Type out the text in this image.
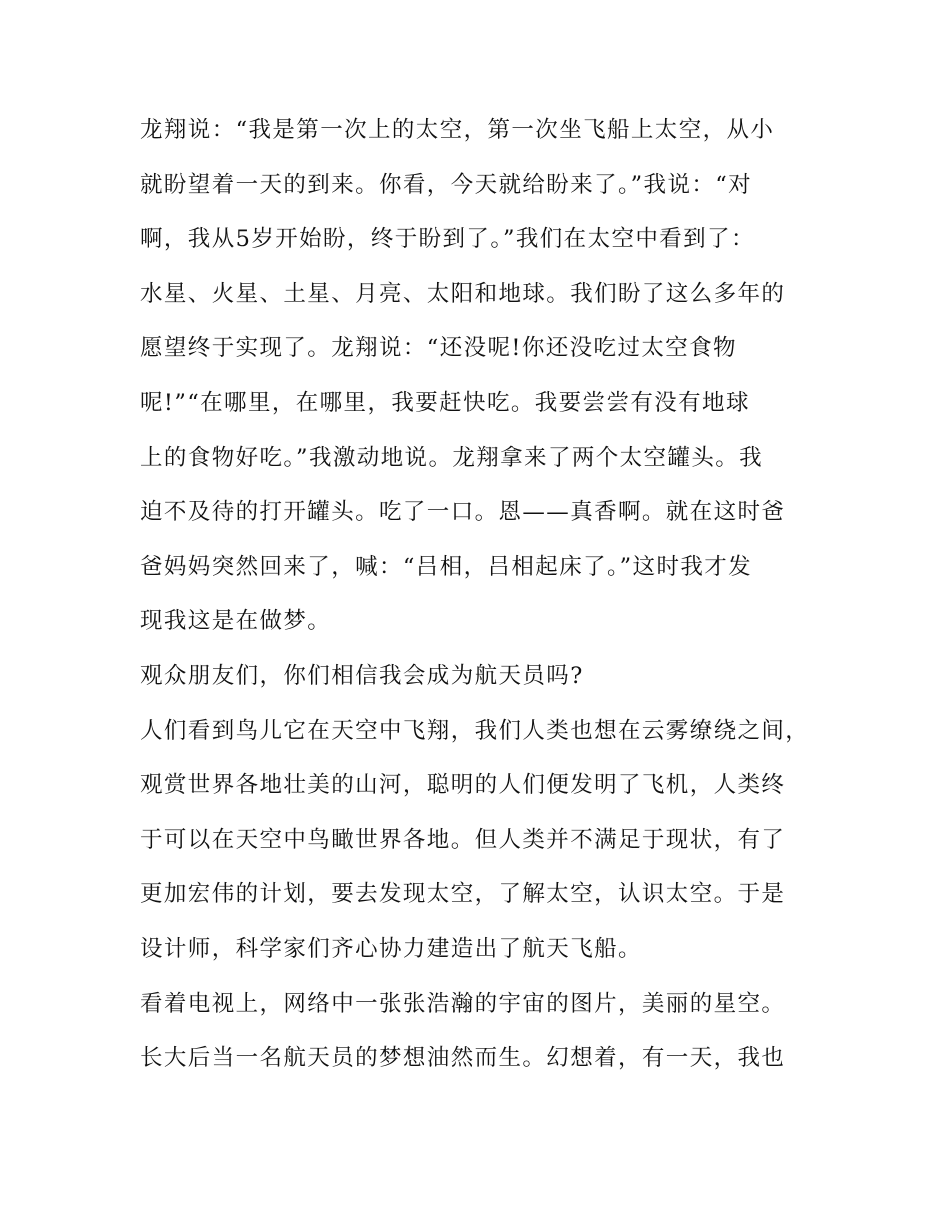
龙翔说：“我是第一次上的太空，第一次坐飞船上太空，从小
就盼望着一天的到来。你看，今天就给盼来了。”我说：“对
啊，我从5岁开始盼，终于盼到了。”我们在太空中看到了：
水星、火星、土星、月亮、太阳和地球。我们盼了这么多年的
愿望终于实现了。龙翔说：“还没呢!你还没吃过太空食物
呢!”“在哪里，在哪里，我要赶快吃。我要尝尝有没有地球
上的食物好吃。”我激动地说。龙翔拿来了两个太空罐头。我
迫不及待的打开罐头。吃了一口。恩——真香啊。就在这时爸
爸妈妈突然回来了，喊：“吕相，吕相起床了。”这时我才发
现我这是在做梦。
观众朋友们，你们相信我会成为航天员吗?
人们看到鸟儿它在天空中飞翔，我们人类也想在云雾缭绕之间，
观赏世界各地壮美的山河，聪明的人们便发明了飞机，人类终
于可以在天空中鸟瞰世界各地。但人类并不满足于现状，有了
更加宏伟的计划，要去发现太空，了解太空，认识太空。于是
设计师，科学家们齐心协力建造出了航天飞船。
看着电视上，网络中一张张浩瀚的宇宙的图片，美丽的星空。
长大后当一名航天员的梦想油然而生。幻想着，有一天，我也
